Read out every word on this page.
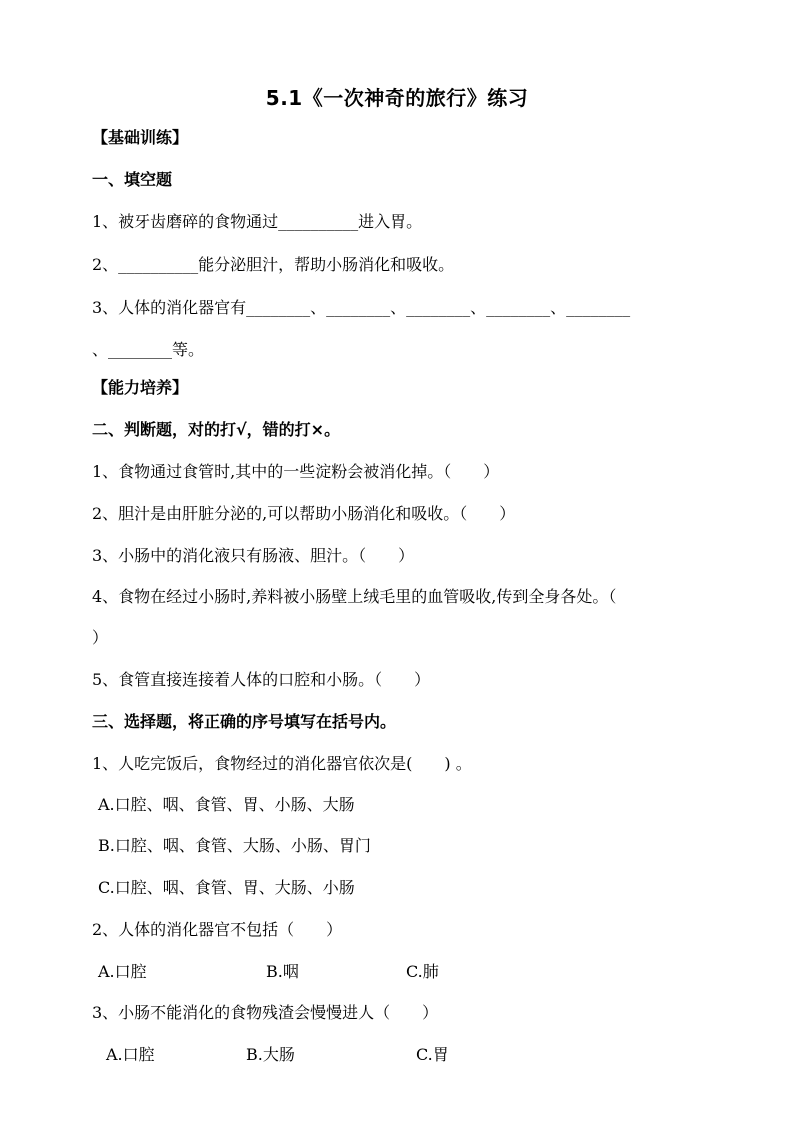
5.1《一次神奇的旅行》练习
【基础训练】
一、填空题
1、被牙齿磨碎的食物通过__________进入胃。
2、__________能分泌胆汁，帮助小肠消化和吸收。
3、人体的消化器官有________、________、________、________、________
、________等。
【能力培养】
二、判断题，对的打√，错的打×。
1、食物通过食管时,其中的一些淀粉会被消化掉。（　　）
2、胆汁是由肝脏分泌的,可以帮助小肠消化和吸收。（　　）
3、小肠中的消化液只有肠液、胆汁。（　　）
4、食物在经过小肠时,养料被小肠壁上绒毛里的血管吸收,传到全身各处。（
）
5、食管直接连接着人体的口腔和小肠。（　　）
三、选择题，将正确的序号填写在括号内。
1、人吃完饭后，食物经过的消化器官依次是(　　) 。
A.口腔、咽、食管、胃、小肠、大肠
B.口腔、咽、食管、大肠、小肠、胃门
C.口腔、咽、食管、胃、大肠、小肠
2、人体的消化器官不包括（　　）
A.口腔	B.咽	C.肺
3、小肠不能消化的食物残渣会慢慢进人（　　）
A.口腔	B.大肠	C.胃
